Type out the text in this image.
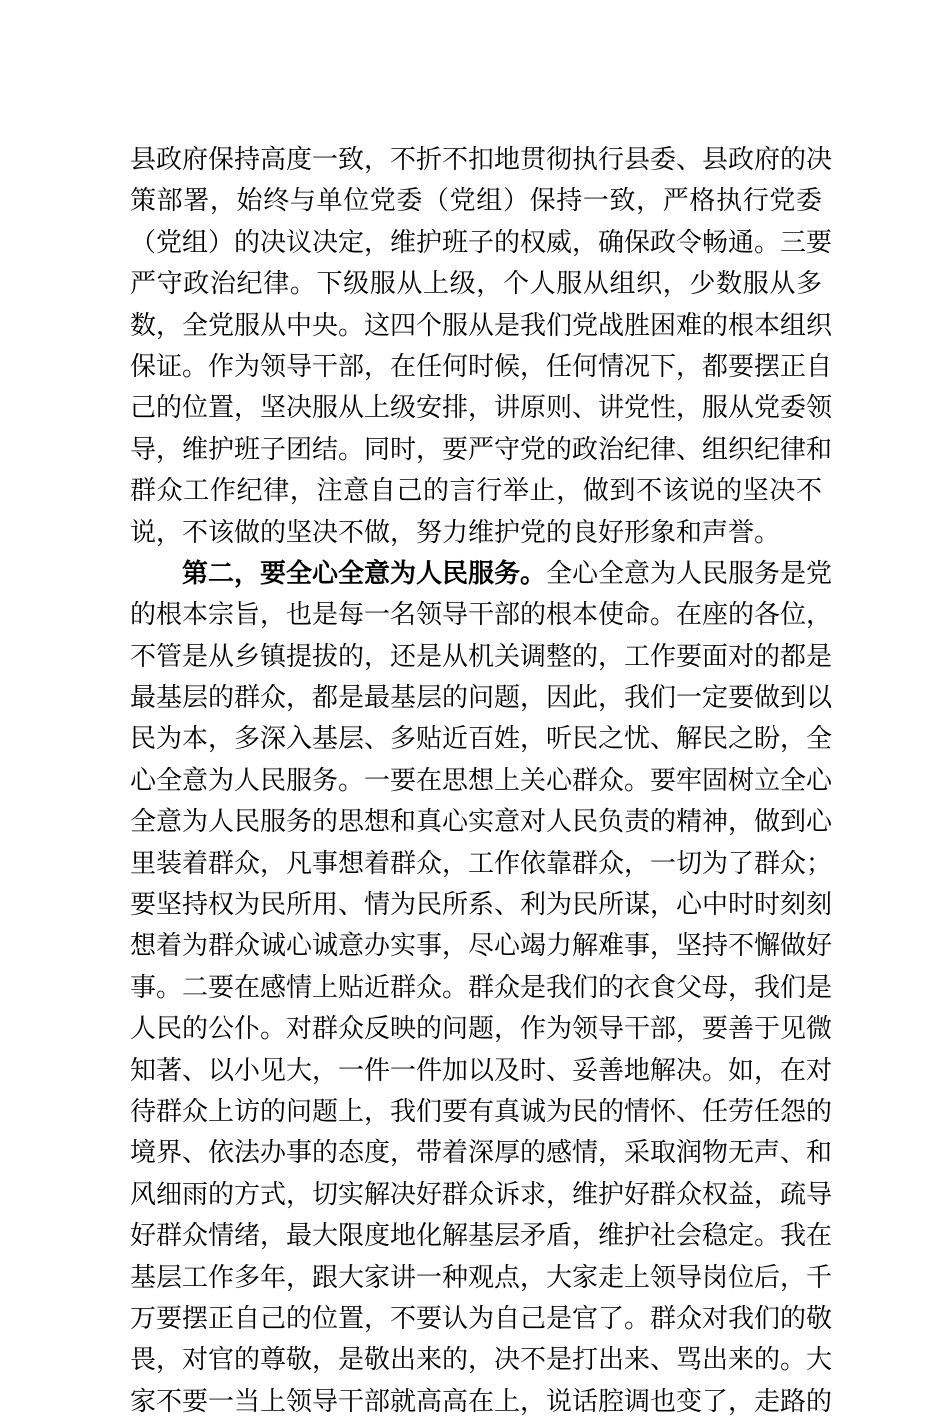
县政府保持高度一致，不折不扣地贯彻执行县委、县政府的决
策部署，始终与单位党委（党组）保持一致，严格执行党委
（党组）的决议决定，维护班子的权威，确保政令畅通。三要
严守政治纪律。下级服从上级，个人服从组织，少数服从多
数，全党服从中央。这四个服从是我们党战胜困难的根本组织
保证。作为领导干部，在任何时候，任何情况下，都要摆正自
己的位置，坚决服从上级安排，讲原则、讲党性，服从党委领
导，维护班子团结。同时，要严守党的政治纪律、组织纪律和
群众工作纪律，注意自己的言行举止，做到不该说的坚决不
说，不该做的坚决不做，努力维护党的良好形象和声誉。
第二，要全心全意为人民服务。全心全意为人民服务是党
的根本宗旨，也是每一名领导干部的根本使命。在座的各位，
不管是从乡镇提拔的，还是从机关调整的，工作要面对的都是
最基层的群众，都是最基层的问题，因此，我们一定要做到以
民为本，多深入基层、多贴近百姓，听民之忧、解民之盼，全
心全意为人民服务。一要在思想上关心群众。要牢固树立全心
全意为人民服务的思想和真心实意对人民负责的精神，做到心
里装着群众，凡事想着群众，工作依靠群众，一切为了群众；
要坚持权为民所用、情为民所系、利为民所谋，心中时时刻刻
想着为群众诚心诚意办实事，尽心竭力解难事，坚持不懈做好
事。二要在感情上贴近群众。群众是我们的衣食父母，我们是
人民的公仆。对群众反映的问题，作为领导干部，要善于见微
知著、以小见大，一件一件加以及时、妥善地解决。如，在对
待群众上访的问题上，我们要有真诚为民的情怀、任劳任怨的
境界、依法办事的态度，带着深厚的感情，采取润物无声、和
风细雨的方式，切实解决好群众诉求，维护好群众权益，疏导
好群众情绪，最大限度地化解基层矛盾，维护社会稳定。我在
基层工作多年，跟大家讲一种观点，大家走上领导岗位后，千
万要摆正自己的位置，不要认为自己是官了。群众对我们的敬
畏，对官的尊敬，是敬出来的，决不是打出来、骂出来的。大
家不要一当上领导干部就高高在上，说话腔调也变了，走路的
